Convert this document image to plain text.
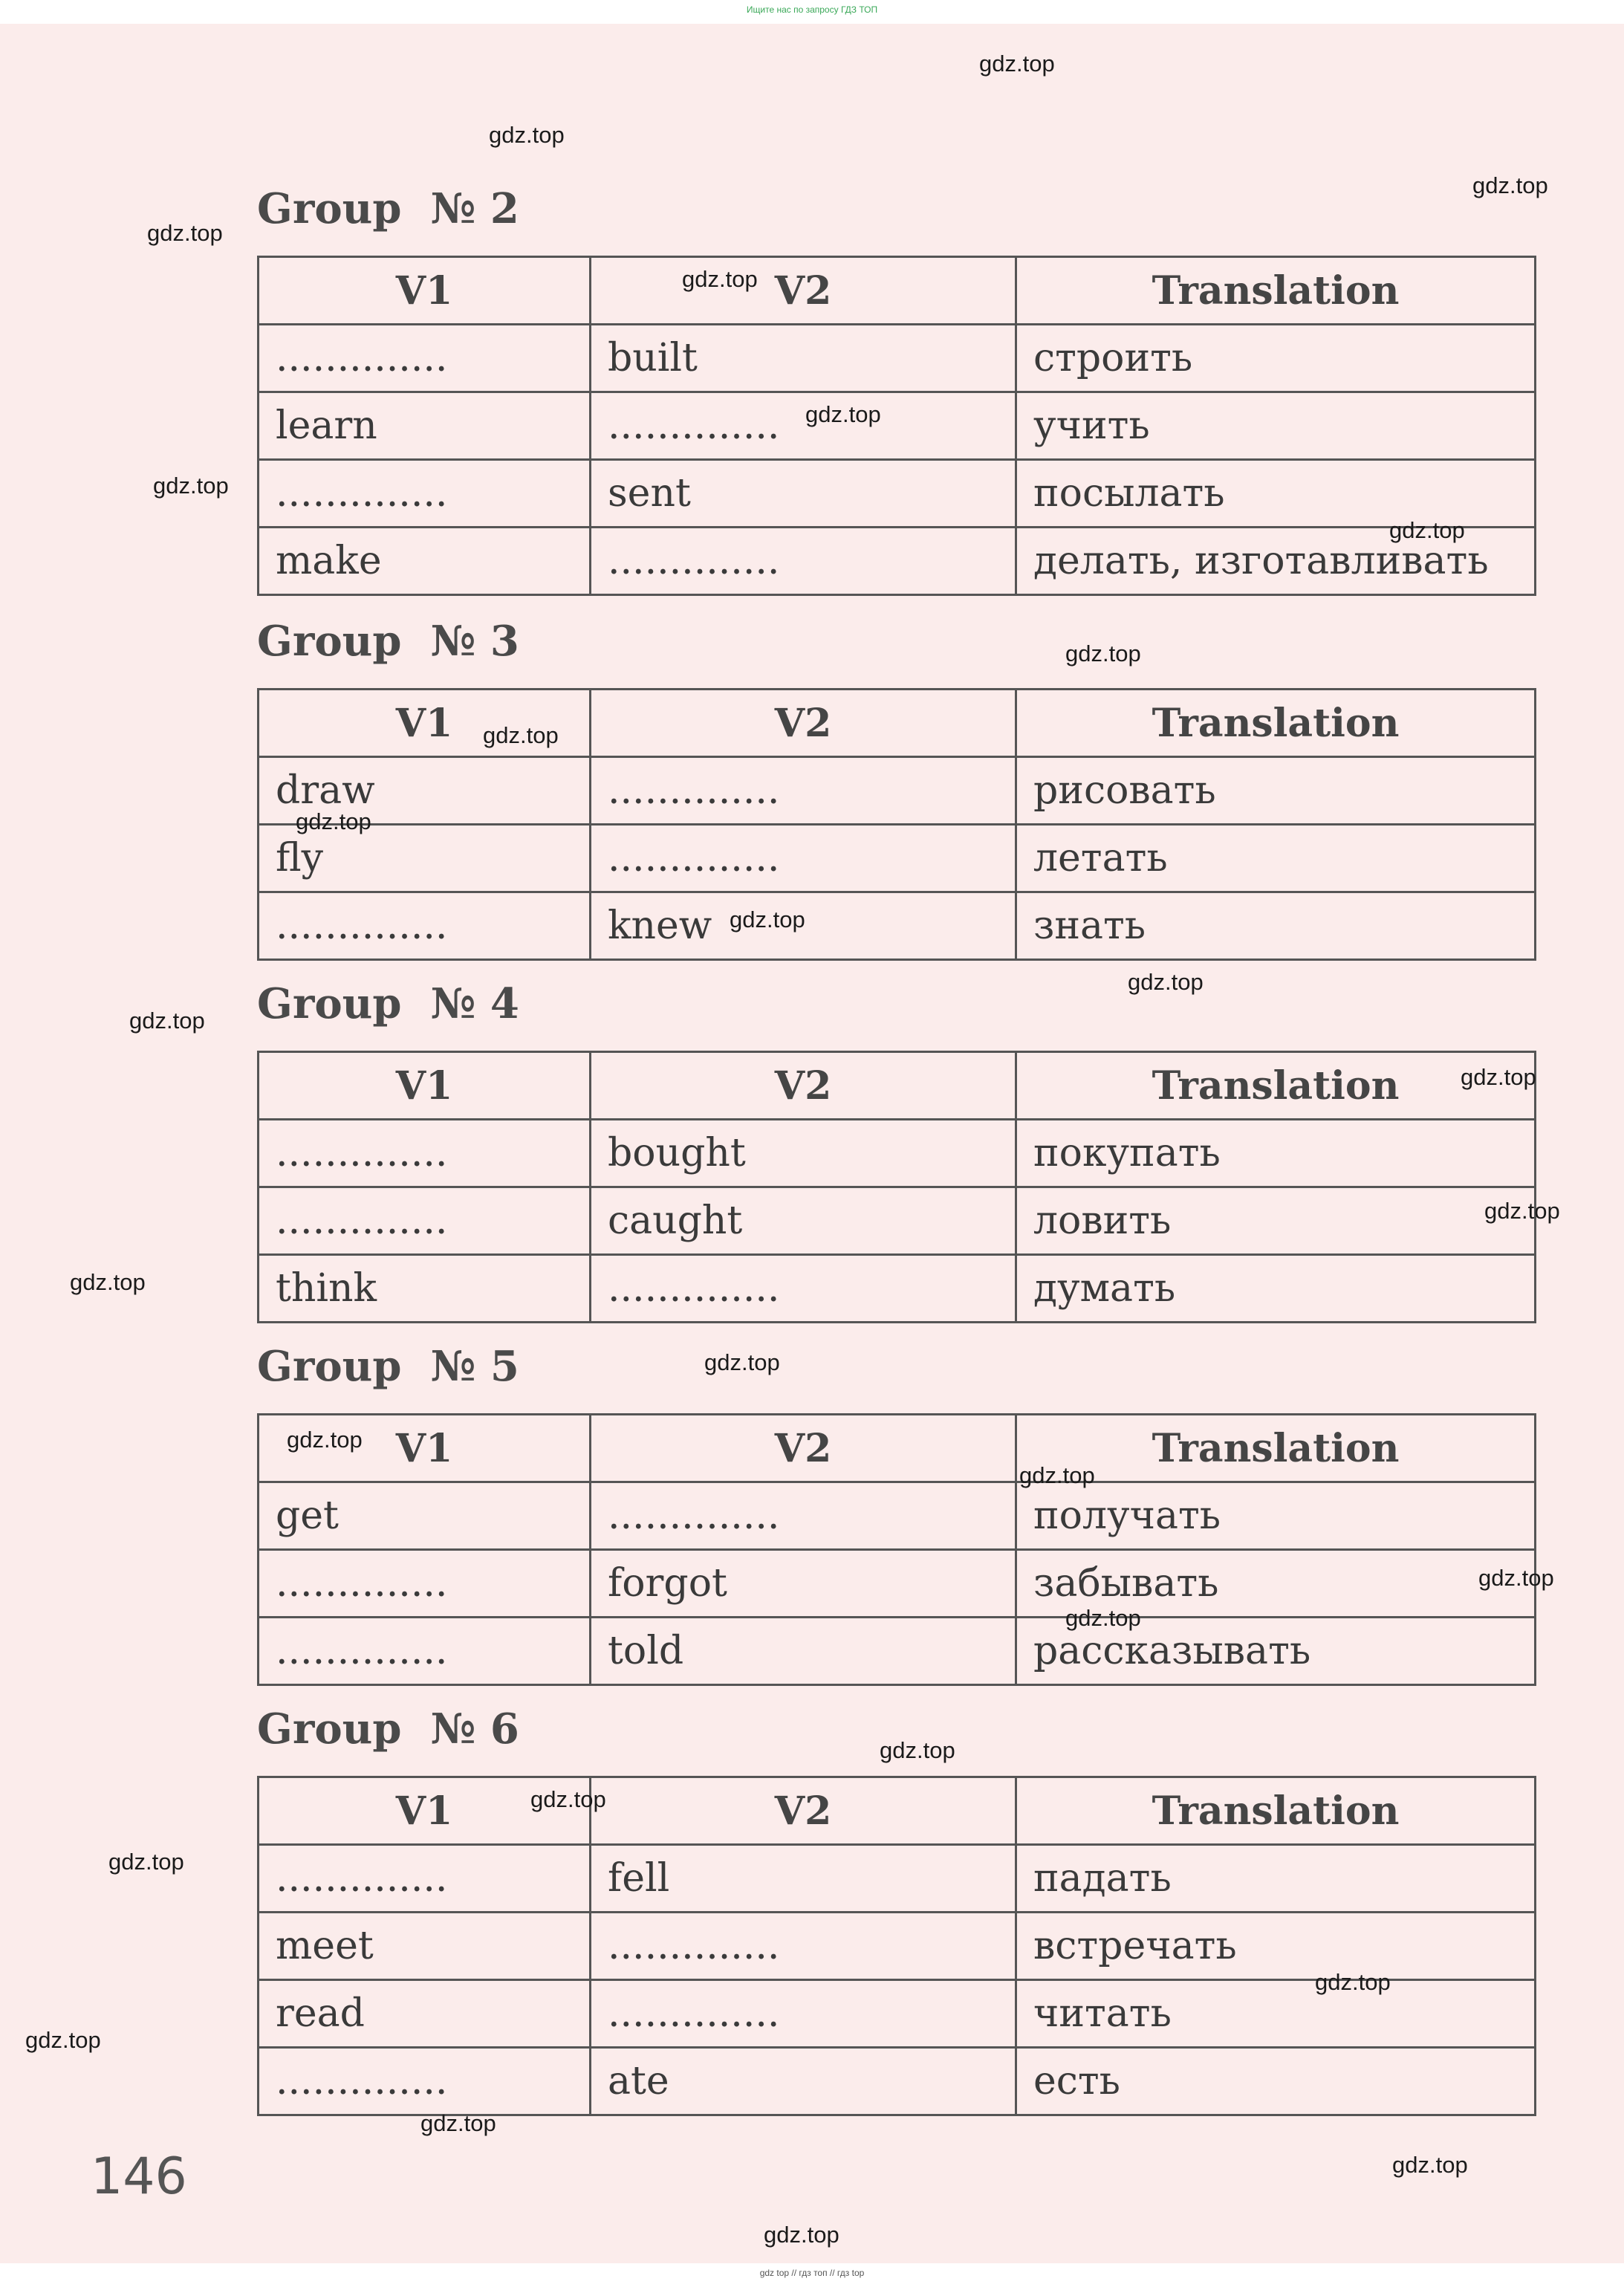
Ищите нас по запросу ГДЗ ТОП
Group  № 2
V1	V2	Translation
..............	built	строить
learn	..............	учить
..............	sent	посылать
make	..............	делать, изготавливать
Group  № 3
V1	V2	Translation
draw	..............	рисовать
fly	..............	летать
..............	knew	знать
Group  № 4
V1	V2	Translation
..............	bought	покупать
..............	caught	ловить
think	..............	думать
Group  № 5
V1	V2	Translation
get	..............	получать
..............	forgot	забывать
..............	told	рассказывать
Group  № 6
V1	V2	Translation
..............	fell	падать
meet	..............	встречать
read	..............	читать
..............	ate	есть
146
gdz.top
gdz.top
gdz.top
gdz.top
gdz.top
gdz.top
gdz.top
gdz.top
gdz.top
gdz.top
gdz.top
gdz.top
gdz.top
gdz.top
gdz.top
gdz.top
gdz.top
gdz.top
gdz.top
gdz.top
gdz.top
gdz.top
gdz.top
gdz.top
gdz.top
gdz.top
gdz.top
gdz.top
gdz.top
gdz.top
gdz top // гдз топ // гдз top
